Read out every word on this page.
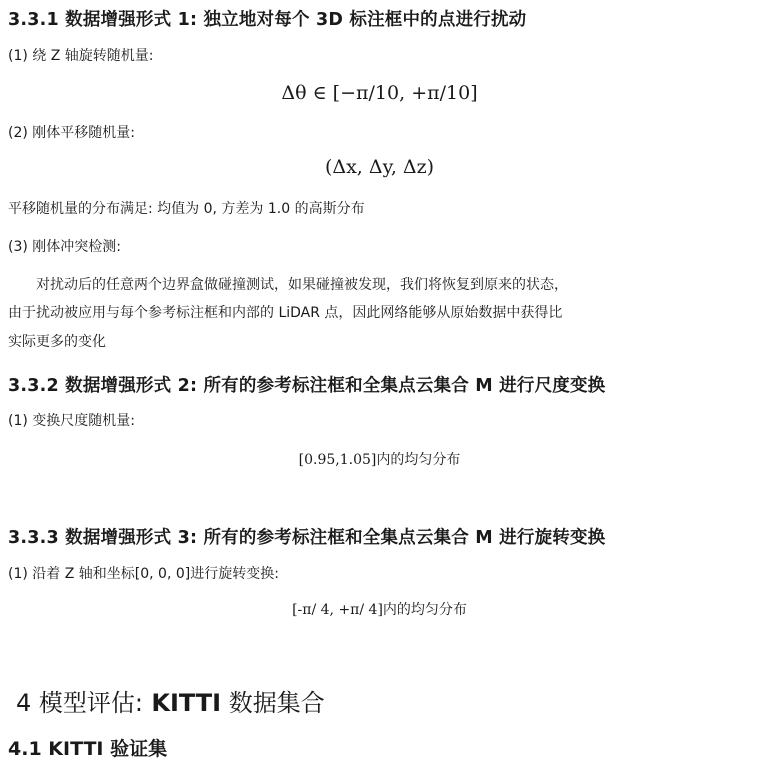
3.3.1 数据增强形式 1: 独立地对每个 3D 标注框中的点进行扰动
(1) 绕 Z 轴旋转随机量:
Δθ ∈ [−π/10, +π/10]
(2) 刚体平移随机量:
(Δx, Δy, Δz)
平移随机量的分布满足: 均值为 0, 方差为 1.0 的高斯分布
(3) 刚体冲突检测:
对扰动后的任意两个边界盒做碰撞测试，如果碰撞被发现，我们将恢复到原来的状态，
由于扰动被应用与每个参考标注框和内部的 LiDAR 点，因此网络能够从原始数据中获得比
实际更多的变化
3.3.2 数据增强形式 2: 所有的参考标注框和全集点云集合 M 进行尺度变换
(1) 变换尺度随机量:
[0.95,1.05]内的均匀分布
3.3.3 数据增强形式 3: 所有的参考标注框和全集点云集合 M 进行旋转变换
(1) 沿着 Z 轴和坐标[0, 0, 0]进行旋转变换:
[-π/ 4, +π/ 4]内的均匀分布
4 模型评估: KITTI 数据集合
4.1 KITTI 验证集
